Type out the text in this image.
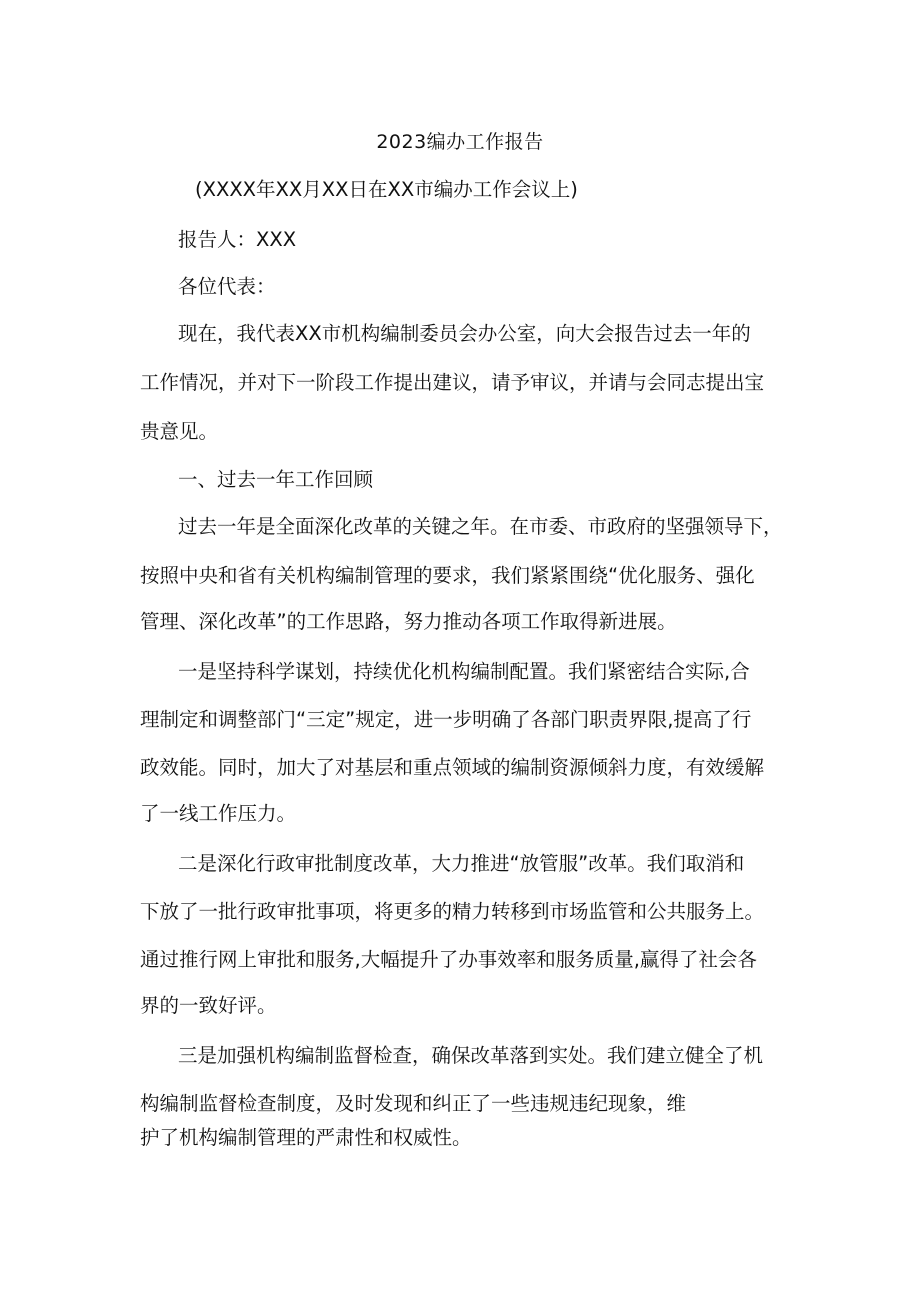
2023编办工作报告
(XXXX年XX月XX日在XX市编办工作会议上)
报告人：XXX
各位代表：
现在，我代表XX市机构编制委员会办公室，向大会报告过去一年的
工作情况，并对下一阶段工作提出建议，请予审议，并请与会同志提出宝
贵意见。
一、过去一年工作回顾
过去一年是全面深化改革的关键之年。在市委、市政府的坚强领导下，
按照中央和省有关机构编制管理的要求，我们紧紧围绕“优化服务、强化
管理、深化改革”的工作思路，努力推动各项工作取得新进展。
一是坚持科学谋划，持续优化机构编制配置。我们紧密结合实际,合
理制定和调整部门“三定”规定，进一步明确了各部门职责界限,提高了行
政效能。同时，加大了对基层和重点领域的编制资源倾斜力度，有效缓解
了一线工作压力。
二是深化行政审批制度改革，大力推进“放管服”改革。我们取消和
下放了一批行政审批事项，将更多的精力转移到市场监管和公共服务上。
通过推行网上审批和服务,大幅提升了办事效率和服务质量,赢得了社会各
界的一致好评。
三是加强机构编制监督检查，确保改革落到实处。我们建立健全了机
构编制监督检查制度，及时发现和纠正了一些违规违纪现象，维
护了机构编制管理的严肃性和权威性。
